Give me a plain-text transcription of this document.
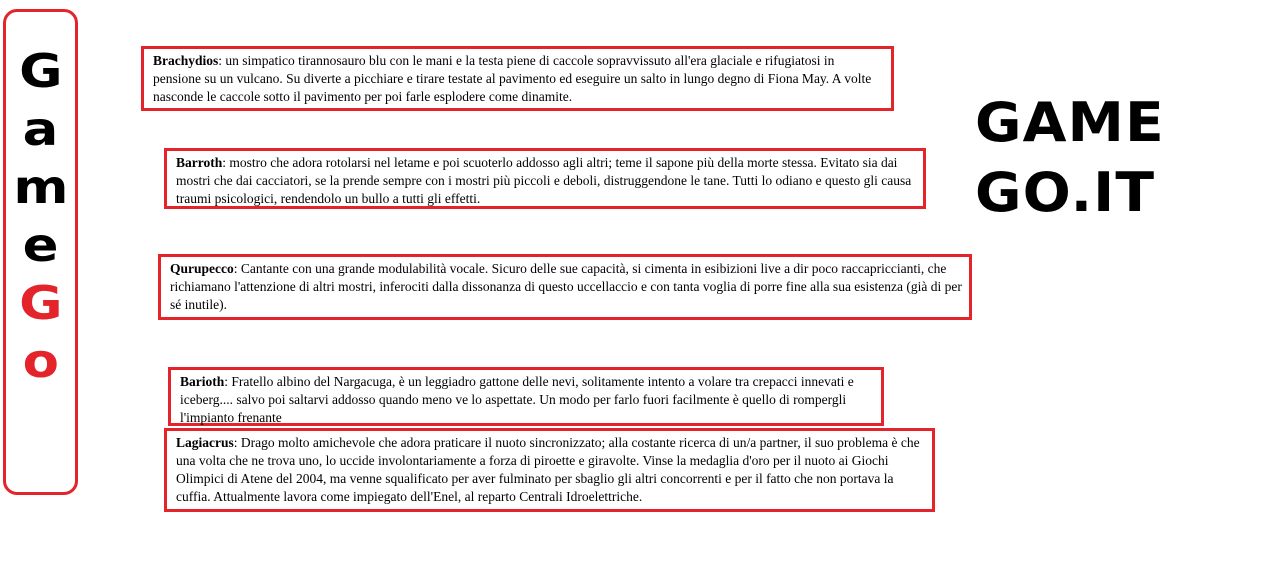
G
a
m
e
G
o
GAME
GO.IT
Brachydios: un simpatico tirannosauro blu con le mani e la testa piene di caccole sopravvissuto all'era glaciale e rifugiatosi in pensione su un vulcano. Su diverte a picchiare e tirare testate al pavimento ed eseguire un salto in lungo degno di Fiona May. A volte nasconde le caccole sotto il pavimento per poi farle esplodere come dinamite.
Barroth: mostro che adora rotolarsi nel letame e poi scuoterlo addosso agli altri; teme il sapone più della morte stessa. Evitato sia dai mostri che dai cacciatori, se la prende sempre con i mostri più piccoli e deboli, distruggendone le tane. Tutti lo odiano e questo gli causa traumi psicologici, rendendolo un bullo a tutti gli effetti.
Qurupecco: Cantante con una grande modulabilità vocale. Sicuro delle sue capacità, si cimenta in esibizioni live a dir poco raccapriccianti, che richiamano l'attenzione di altri mostri, inferociti dalla dissonanza di questo uccellaccio e con tanta voglia di porre fine alla sua esistenza (già di per sé inutile).
Barioth: Fratello albino del Nargacuga, è un leggiadro gattone delle nevi, solitamente intento a volare tra crepacci innevati e iceberg.... salvo poi saltarvi addosso quando meno ve lo aspettate. Un modo per farlo fuori facilmente è quello di rompergli l'impianto frenante
Lagiacrus: Drago molto amichevole che adora praticare il nuoto sincronizzato; alla costante ricerca di un/a partner, il suo problema è che una volta che ne trova uno, lo uccide involontariamente a forza di piroette e giravolte. Vinse la medaglia d'oro per il nuoto ai Giochi Olimpici di Atene del 2004, ma venne squalificato per aver fulminato per sbaglio gli altri concorrenti e per il fatto che non portava la cuffia. Attualmente lavora come impiegato dell'Enel, al reparto Centrali Idroelettriche.
